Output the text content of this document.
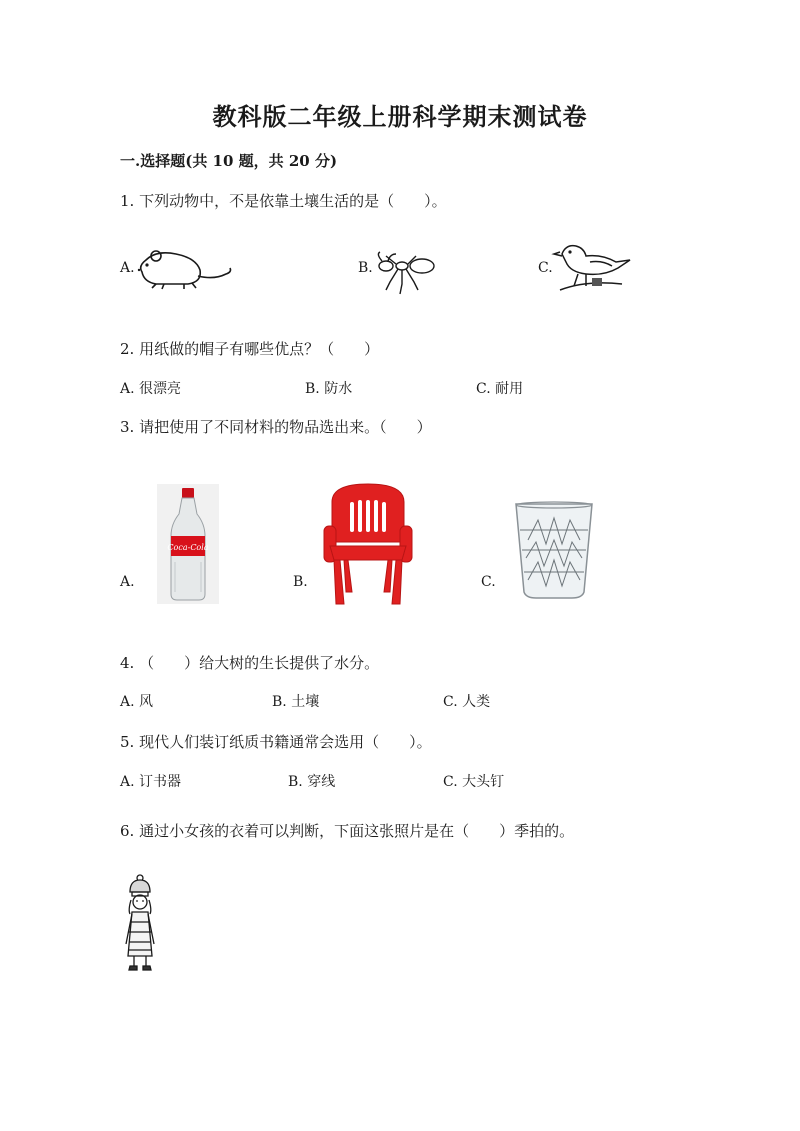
教科版二年级上册科学期末测试卷
一.选择题(共 10 题，共 20 分)
1. 下列动物中，不是依靠土壤生活的是（　　）。
A.	B.	C.
2. 用纸做的帽子有哪些优点？（　　）
A. 很漂亮	B. 防水	C. 耐用
3. 请把使用了不同材料的物品选出来。（　　）
A.	B.	C.
Coca-Cola
4. （　　）给大树的生长提供了水分。
A. 风	B. 土壤	C. 人类
5. 现代人们装订纸质书籍通常会选用（　　）。
A. 订书器	B. 穿线	C. 大头钉
6. 通过小女孩的衣着可以判断，下面这张照片是在（　　）季拍的。
